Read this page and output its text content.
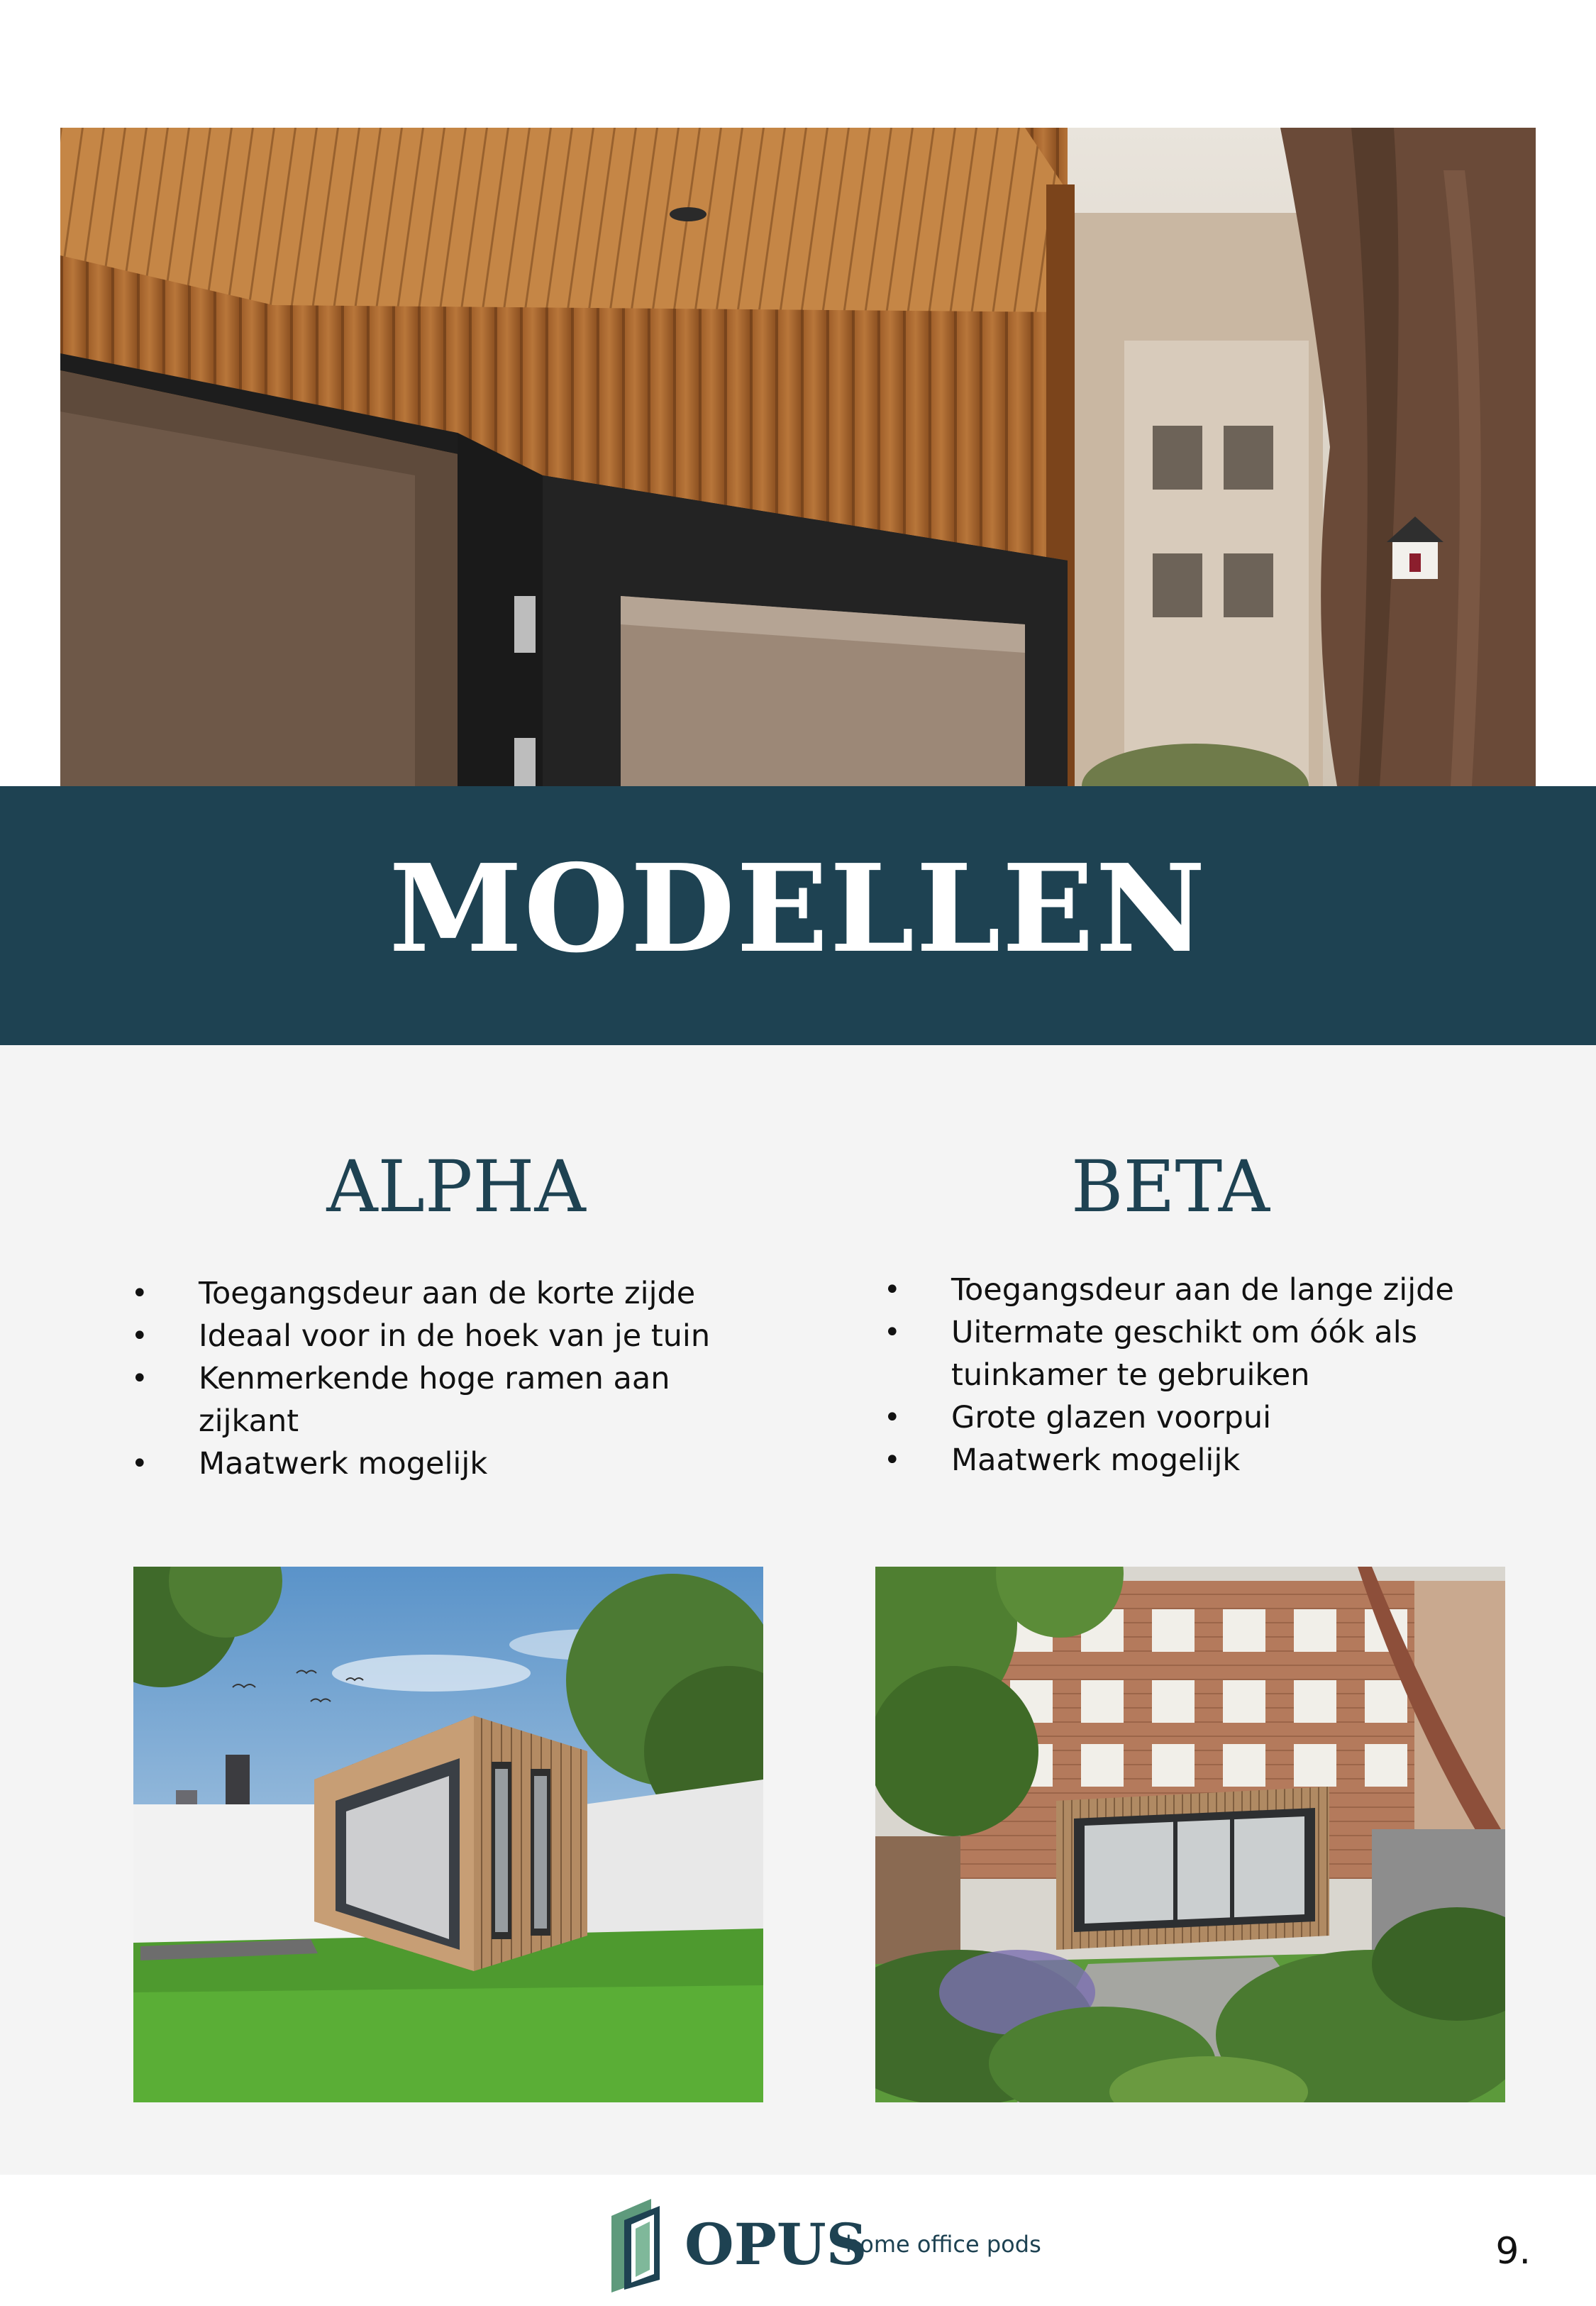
MODELLEN
ALPHA
• Toegangsdeur aan de korte zijde
• Ideaal voor in de hoek van je tuin
• Kenmerkende hoge ramen aan zijkant
• Maatwerk mogelijk
BETA
• Toegangsdeur aan de lange zijde
• Uitermate geschikt om óók als tuinkamer te gebruiken
• Grote glazen voorpui
• Maatwerk mogelijk
OPUS
home office pods	9.
